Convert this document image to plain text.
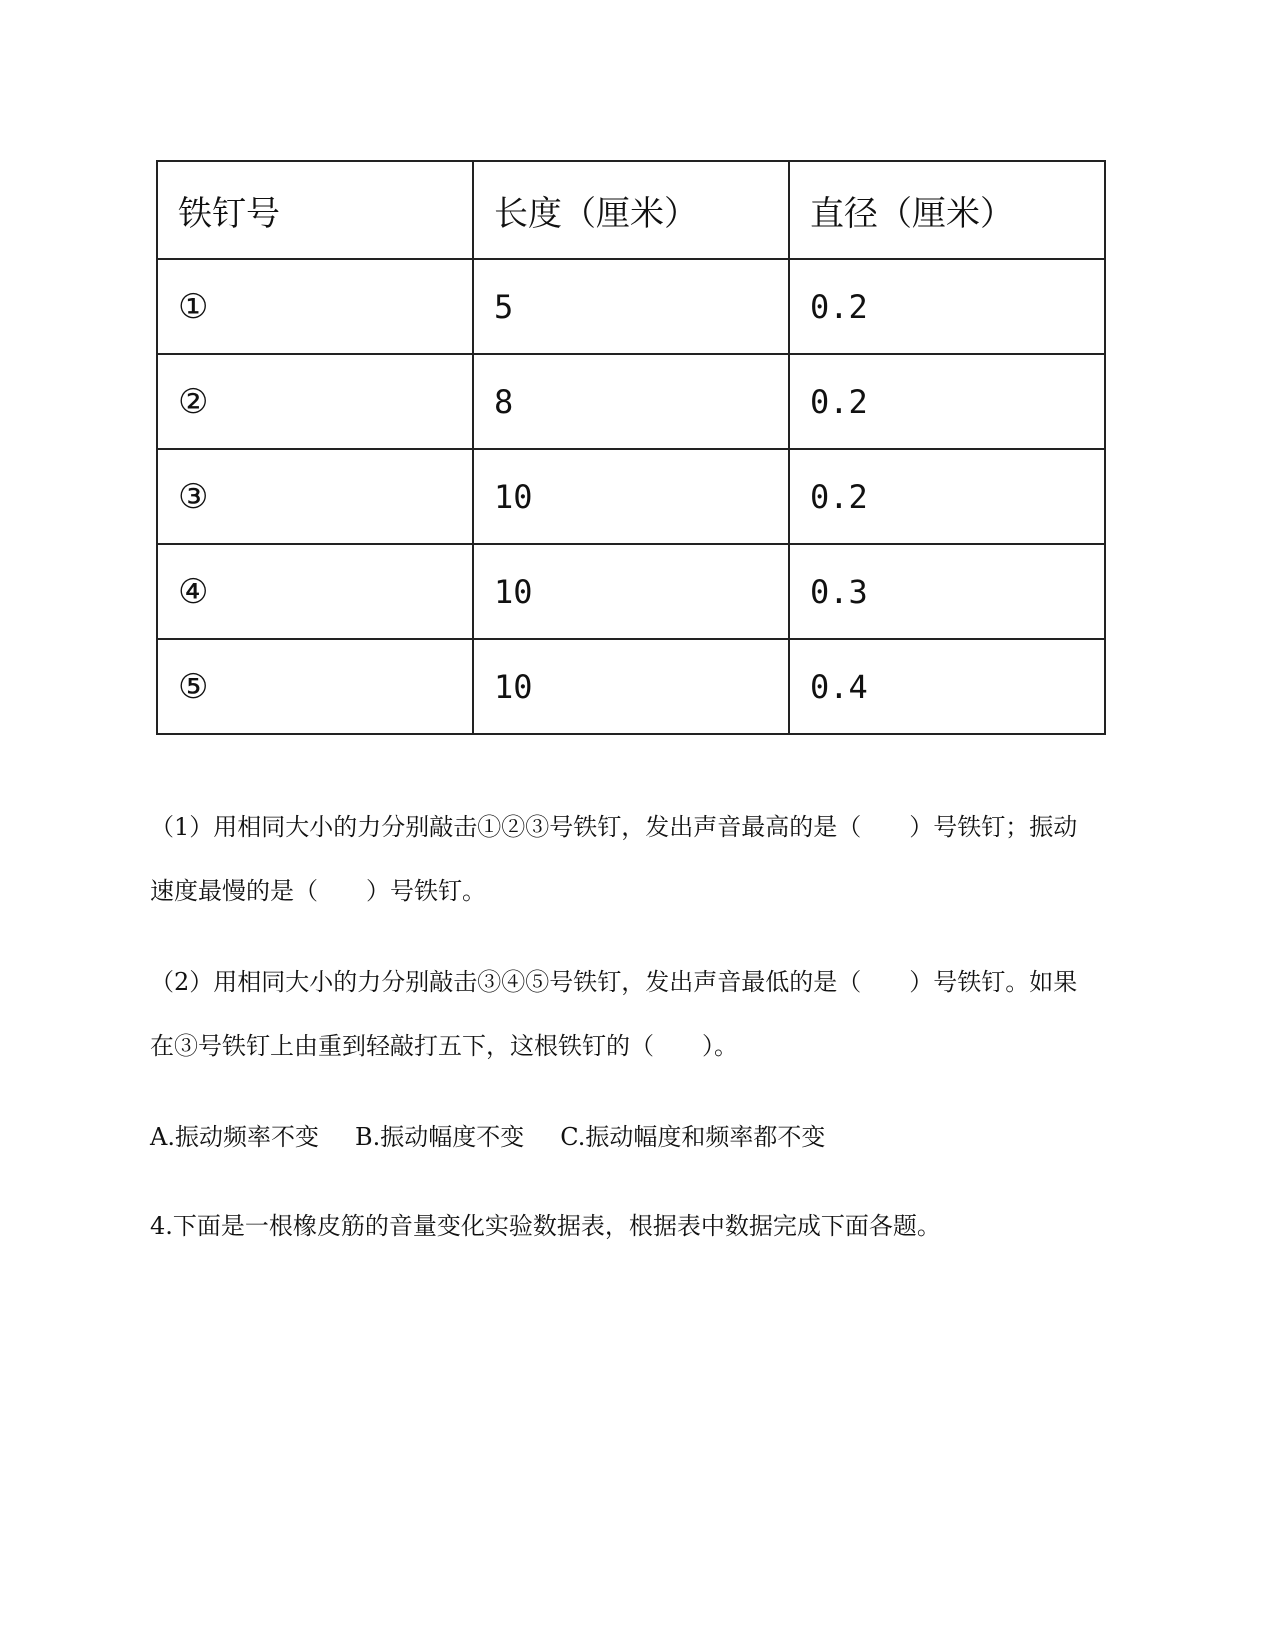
铁钉号	长度（厘米）	直径（厘米）
①	5	0.2
②	8	0.2
③	10	0.2
④	10	0.3
⑤	10	0.4

（1）用相同大小的力分别敲击①②③号铁钉，发出声音最高的是（　　）号铁钉；振动

速度最慢的是（　　）号铁钉。

（2）用相同大小的力分别敲击③④⑤号铁钉，发出声音最低的是（　　）号铁钉。如果

在③号铁钉上由重到轻敲打五下，这根铁钉的（　　）。

A.振动频率不变 B.振动幅度不变 C.振动幅度和频率都不变

4.下面是一根橡皮筋的音量变化实验数据表，根据表中数据完成下面各题。
